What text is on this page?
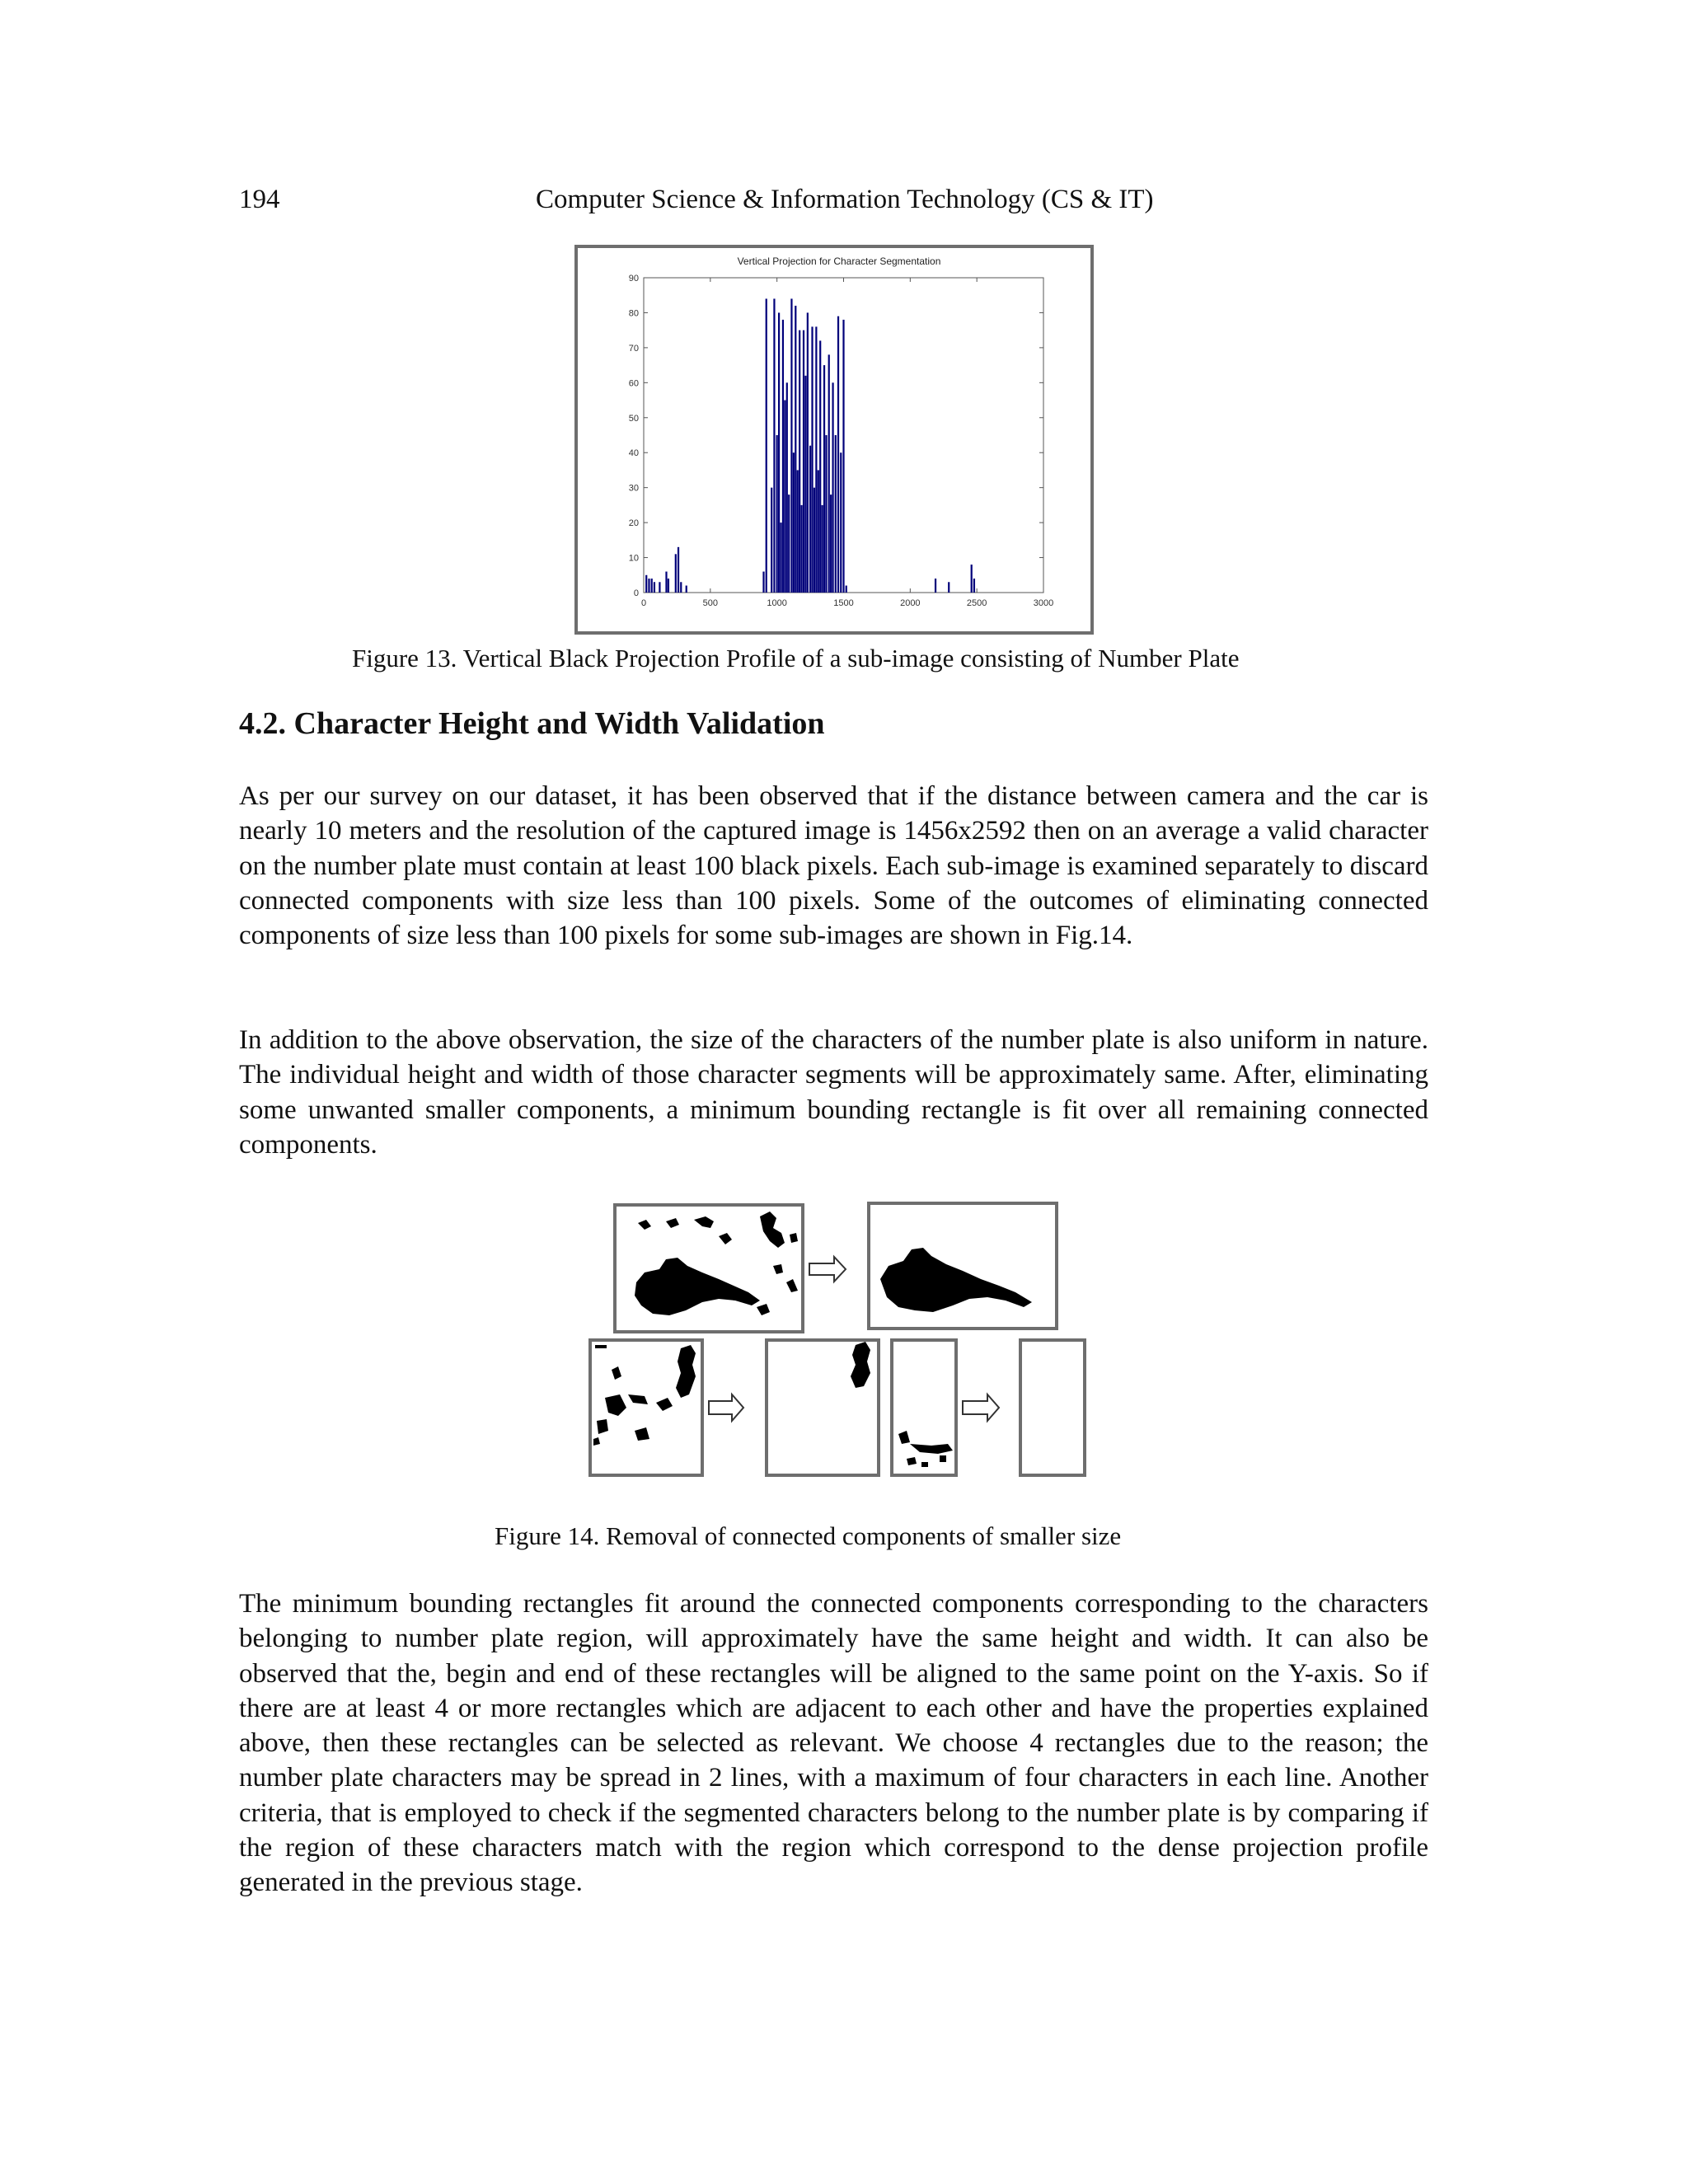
194	Computer Science & Information Technology (CS & IT)
Vertical Projection for Character Segmentation
0
10
20
30
40
50
60
70
80
90
0	500	1000	1500	2000	2500	3000
Figure 13. Vertical Black Projection Profile of a sub-image consisting of Number Plate
4.2. Character Height and Width Validation
As per our survey on our dataset, it has been observed that if the distance between camera and the car is nearly 10 meters and the resolution of the captured image is 1456x2592 then on an average a valid character on the number plate must contain at least 100 black pixels. Each sub-image is examined separately to discard connected components with size less than 100 pixels. Some of the outcomes of eliminating connected components of size less than 100 pixels for some sub-images are shown in Fig.14.
In addition to the above observation, the size of the characters of the number plate is also uniform in nature. The individual height and width of those character segments will be approximately same. After, eliminating some unwanted smaller components, a minimum bounding rectangle is fit over all remaining connected components.
Figure 14. Removal of connected components of smaller size
The minimum bounding rectangles fit around the connected components corresponding to the characters belonging to number plate region, will approximately have the same height and width. It can also be observed that the, begin and end of these rectangles will be aligned to the same point on the Y-axis. So if there are at least 4 or more rectangles which are adjacent to each other and have the properties explained above, then these rectangles can be selected as relevant. We choose 4 rectangles due to the reason; the number plate characters may be spread in 2 lines, with a maximum of four characters in each line. Another criteria, that is employed to check if the segmented characters belong to the number plate is by comparing if the region of these characters match with the region which correspond to the dense projection profile generated in the previous stage.
